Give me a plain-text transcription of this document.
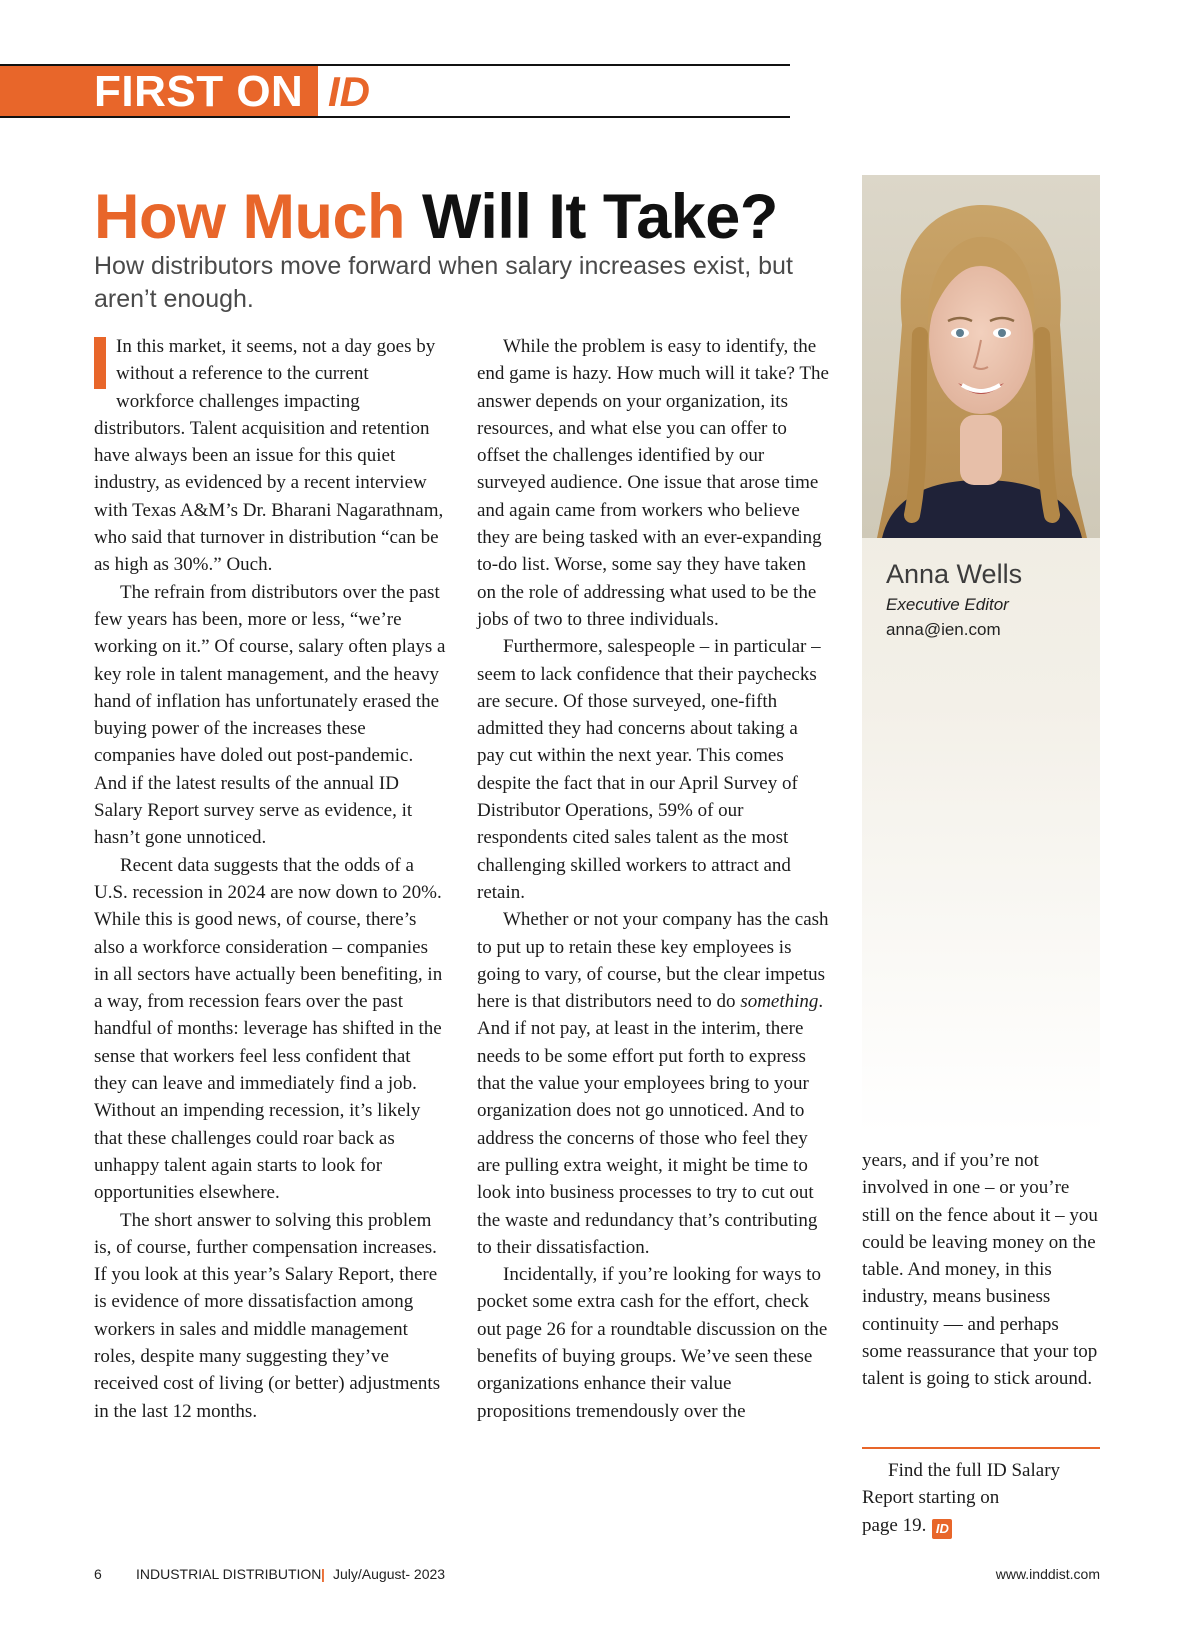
FIRST ON ID
How Much Will It Take?
How distributors move forward when salary increases exist, but aren’t enough.

In this market, it seems, not a day goes by without a reference to the current workforce challenges impacting distributors. Talent acquisition and retention have always been an issue for this quiet industry, as evidenced by a recent interview with Texas A&M’s Dr. Bharani Nagarathnam, who said that turnover in distribution “can be as high as 30%.” Ouch.

The refrain from distributors over the past few years has been, more or less, “we’re working on it.” Of course, salary often plays a key role in talent management, and the heavy hand of inflation has unfortunately erased the buying power of the increases these companies have doled out post-pandemic. And if the latest results of the annual ID Salary Report survey serve as evidence, it hasn’t gone unnoticed.

Recent data suggests that the odds of a U.S. recession in 2024 are now down to 20%. While this is good news, of course, there’s also a workforce consideration – companies in all sectors have actually been benefiting, in a way, from recession fears over the past handful of months: leverage has shifted in the sense that workers feel less confident that they can leave and immediately find a job. Without an impending recession, it’s likely that these challenges could roar back as unhappy talent again starts to look for opportunities elsewhere.

The short answer to solving this problem is, of course, further compensation increases. If you look at this year’s Salary Report, there is evidence of more dissatisfaction among workers in sales and middle management roles, despite many suggesting they’ve received cost of living (or better) adjustments in the last 12 months.

While the problem is easy to identify, the end game is hazy. How much will it take? The answer depends on your organization, its resources, and what else you can offer to offset the challenges identified by our surveyed audience. One issue that arose time and again came from workers who believe they are being tasked with an ever-expanding to-do list. Worse, some say they have taken on the role of addressing what used to be the jobs of two to three individuals.

Furthermore, salespeople – in particular – seem to lack confidence that their paychecks are secure. Of those surveyed, one-fifth admitted they had concerns about taking a pay cut within the next year. This comes despite the fact that in our April Survey of Distributor Operations, 59% of our respondents cited sales talent as the most challenging skilled workers to attract and retain.

Whether or not your company has the cash to put up to retain these key employees is going to vary, of course, but the clear impetus here is that distributors need to do something. And if not pay, at least in the interim, there needs to be some effort put forth to express that the value your employees bring to your organization does not go unnoticed. And to address the concerns of those who feel they are pulling extra weight, it might be time to look into business processes to try to cut out the waste and redundancy that’s contributing to their dissatisfaction.

Incidentally, if you’re looking for ways to pocket some extra cash for the effort, check out page 26 for a roundtable discussion on the benefits of buying groups. We’ve seen these organizations enhance their value propositions tremendously over the

Anna Wells
Executive Editor
anna@ien.com

years, and if you’re not involved in one – or you’re still on the fence about it – you could be leaving money on the table. And money, in this industry, means business continuity — and perhaps some reassurance that your top talent is going to stick around.

Find the full ID Salary
Report starting on
page 19. ID
6 INDUSTRIAL DISTRIBUTION | July/August- 2023	www.inddist.com
